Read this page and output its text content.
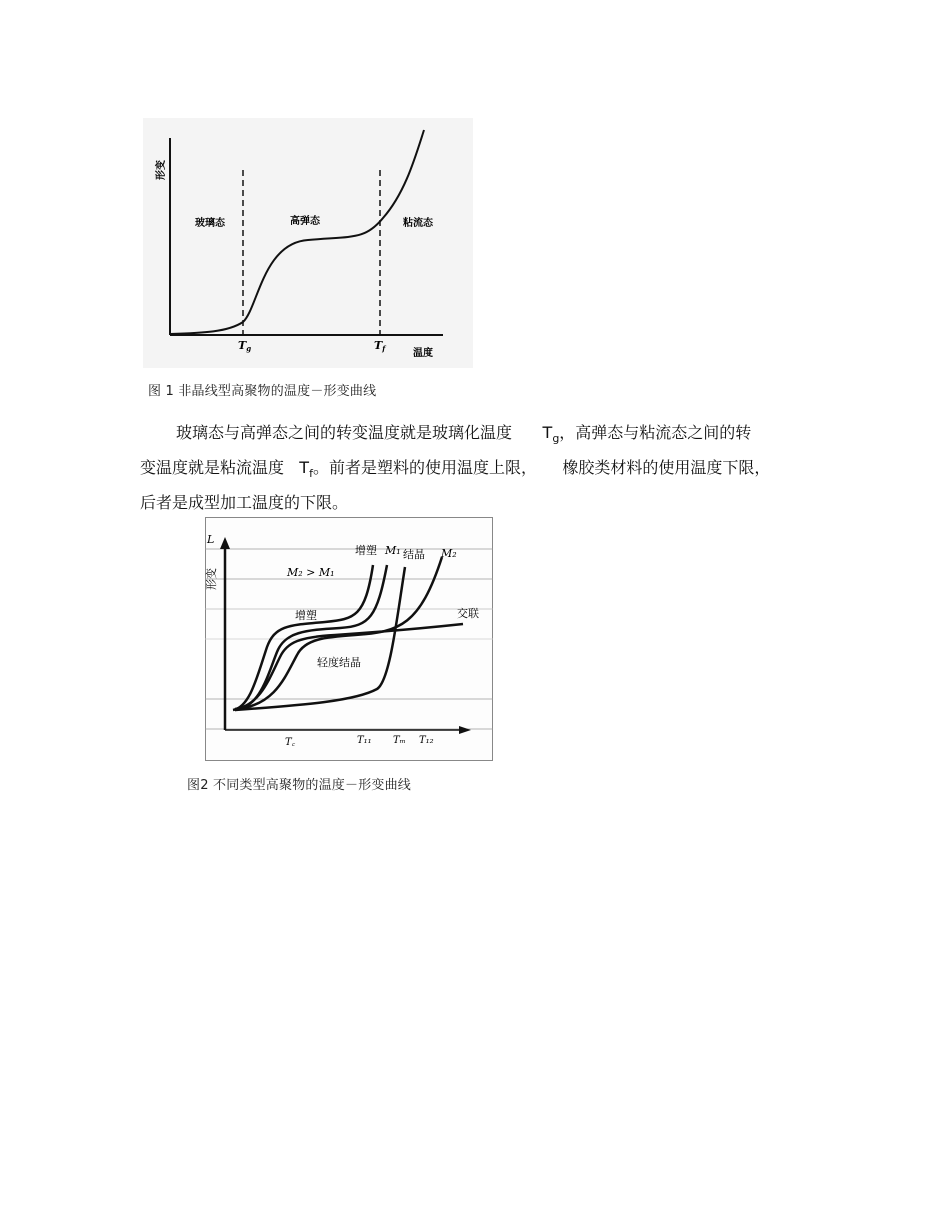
形变
玻璃态	高弹态	粘流态
Tg	Tf	温度
图 1 非晶线型高聚物的温度－形变曲线
玻璃态与高弹态之间的转变温度就是玻璃化温度 $T_g$，高弹态与粘流态之间的转
变温度就是粘流温度 $T_f$。前者是塑料的使用温度上限， 橡胶类材料的使用温度下限，
后者是成型加工温度的下限。
L
形变	M₂ > M₁
增塑 M₁ 结晶 M₂
交联
增塑
轻度结晶
T꜀	T₁₁ Tₘ T₁₂
图2 不同类型高聚物的温度－形变曲线
